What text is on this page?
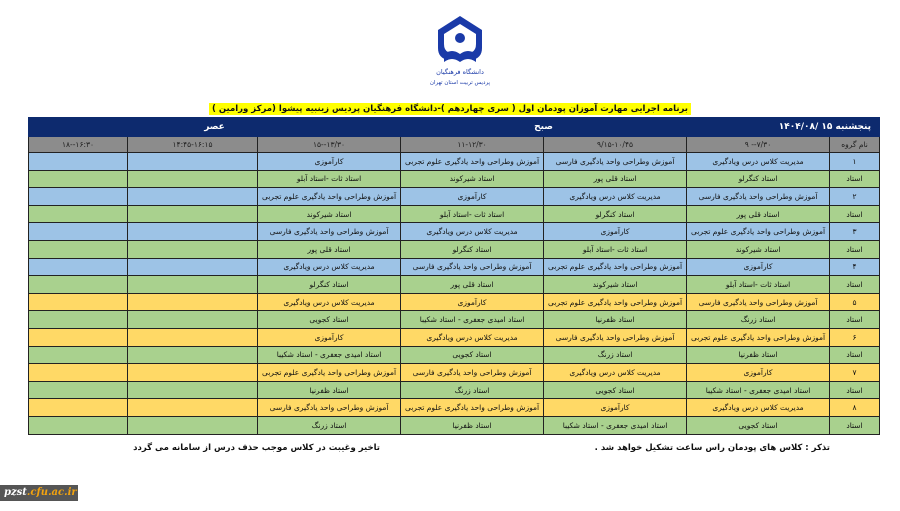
دانشگاه فرهنگیان
پردیس تربیت استان تهران
برنامه اجرایی مهارت آموزان پودمان اول ( سری چهاردهم )-دانشگاه فرهنگیان پردیس زینبیه پیشوا (مرکز ورامین )
پنجشنبه ۱۵ /۱۴۰۴/۰۸		صبح		عصر		
نام گروه	۷/۳۰-- ۹	۹/۱۵-۱۰/۴۵	۱۱-۱۲/۳۰	۱۳/۳۰--۱۵	۱۴:۴۵-۱۶:۱۵	۱۶:۳۰--۱۸
۱	مدیریت کلاس درس ویادگیری	آموزش وطراحی واحد یادگیری فارسی	آموزش وطراحی واحد یادگیری علوم تجربی	کارآموزی		
استاد	استاد کنگرلو	استاد قلی پور	استاد شیرکوند	استاد ثات -استاد آبلو		
۲	آموزش وطراحی واحد یادگیری فارسی	مدیریت کلاس درس ویادگیری	کارآموزی	آموزش وطراحی واحد یادگیری علوم تجربی		
استاد	استاد قلی پور	استاد کنگرلو	استاد ثات -استاد آبلو	استاد شیرکوند		
۳	آموزش وطراحی واحد یادگیری علوم تجربی	کارآموزی	مدیریت کلاس درس ویادگیری	آموزش وطراحی واحد یادگیری فارسی		
استاد	استاد شیرکوند	استاد ثات -استاد آبلو	استاد کنگرلو	استاد قلی پور		
۴	کارآموزی	آموزش وطراحی واحد یادگیری علوم تجربی	آموزش وطراحی واحد یادگیری فارسی	مدیریت کلاس درس ویادگیری		
استاد	استاد ثات -استاد آبلو	استاد شیرکوند	استاد قلی پور	استاد کنگرلو		
۵	آموزش وطراحی واحد یادگیری فارسی	آموزش وطراحی واحد یادگیری علوم تجربی	کارآموزی	مدیریت کلاس درس ویادگیری		
استاد	استاد زرنگ	استاد ظفرنیا	استاد امیدی جعفری - استاد شکیبا	استاد کجویی		
۶	آموزش وطراحی واحد یادگیری علوم تجربی	آموزش وطراحی واحد یادگیری فارسی	مدیریت کلاس درس ویادگیری	کارآموزی		
استاد	استاد ظفرنیا	استاد زرنگ	استاد کجویی	استاد امیدی جعفری - استاد شکیبا		
۷	کارآموزی	مدیریت کلاس درس ویادگیری	آموزش وطراحی واحد یادگیری فارسی	آموزش وطراحی واحد یادگیری علوم تجربی		
استاد	استاد امیدی جعفری - استاد شکیبا	استاد کجویی	استاد زرنگ	استاد ظفرنیا		
۸	مدیریت کلاس درس ویادگیری	کارآموزی	آموزش وطراحی واحد یادگیری علوم تجربی	آموزش وطراحی واحد یادگیری فارسی		
استاد	استاد کجویی	استاد امیدی جعفری - استاد شکیبا	استاد ظفرنیا	استاد زرنگ		
تذکر : کلاس های پودمان راس ساعت تشکیل خواهد شد .
تاخیر وغیبت در کلاس موجب حذف درس از سامانه می گردد
pzst.cfu.ac.ir
